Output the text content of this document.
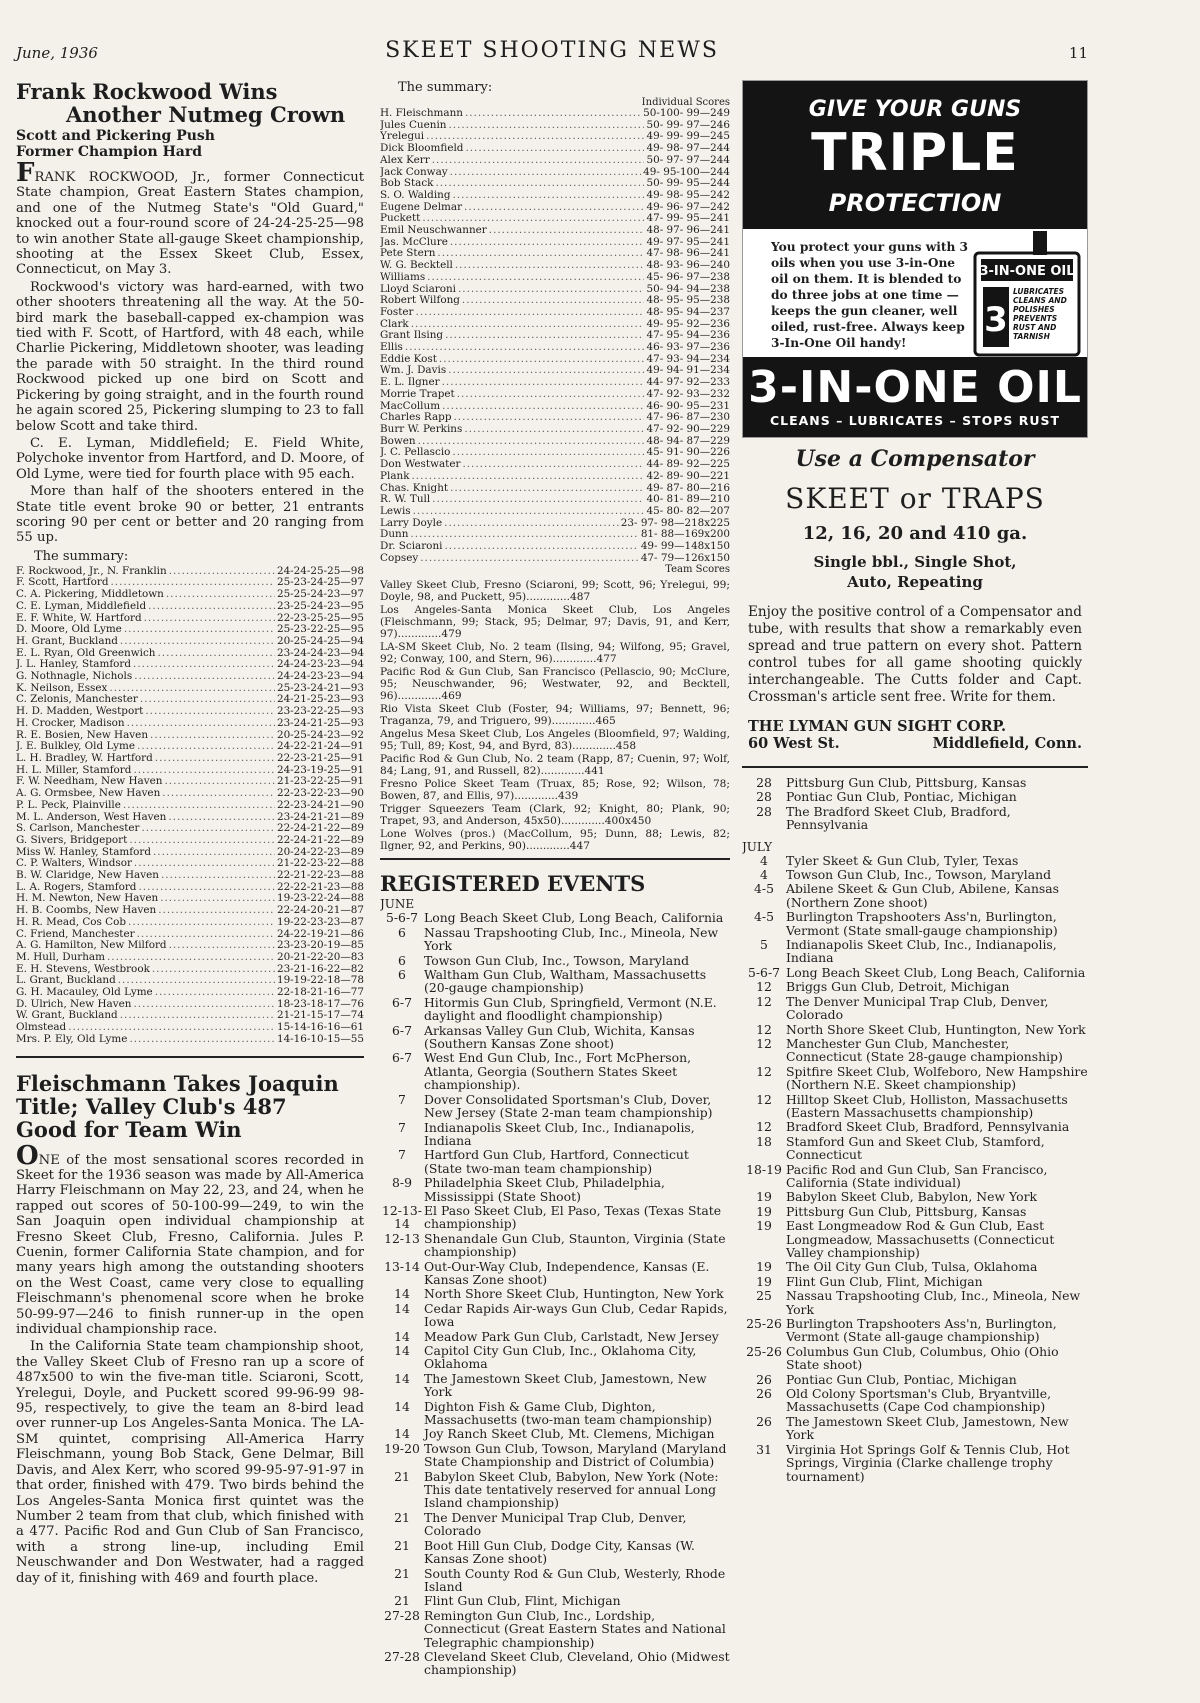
June, 1936	SKEET SHOOTING NEWS	11
Frank Rockwood Wins
Another Nutmeg Crown
Scott and Pickering Push
Former Champion Hard

FRANK ROCKWOOD, Jr., former Connecticut State champion, Great Eastern States champion, and one of the Nutmeg State's "Old Guard," knocked out a four-round score of 24-24-25-25—98 to win another State all-gauge Skeet championship, shooting at the Essex Skeet Club, Essex, Connecticut, on May 3.

Rockwood's victory was hard-earned, with two other shooters threatening all the way. At the 50-bird mark the baseball-capped ex-champion was tied with F. Scott, of Hartford, with 48 each, while Charlie Pickering, Middletown shooter, was leading the parade with 50 straight. In the third round Rockwood picked up one bird on Scott and Pickering by going straight, and in the fourth round he again scored 25, Pickering slumping to 23 to fall below Scott and take third.

C. E. Lyman, Middlefield; E. Field White, Polychoke inventor from Hartford, and D. Moore, of Old Lyme, were tied for fourth place with 95 each.

More than half of the shooters entered in the State title event broke 90 or better, 21 entrants scoring 90 per cent or better and 20 ranging from 55 up.

The summary:
F. Rockwood, Jr., N. Franklin .....	24-24-25-25—98
F. Scott, Hartford .....	25-23-24-25—97
C. A. Pickering, Middletown .....	25-25-24-23—97
C. E. Lyman, Middlefield .....	23-25-24-23—95
E. F. White, W. Hartford .....	22-23-25-25—95
D. Moore, Old Lyme .....	25-23-22-25—95
H. Grant, Buckland .....	20-25-24-25—94
E. L. Ryan, Old Greenwich .....	23-24-24-23—94
J. L. Hanley, Stamford .....	24-24-23-23—94
G. Nothnagle, Nichols .....	24-24-23-23—94
K. Neilson, Essex .....	25-23-24-21—93
C. Zelonis, Manchester .....	24-21-25-23—93
H. D. Madden, Westport .....	23-23-22-25—93
H. Crocker, Madison .....	23-24-21-25—93
R. E. Bosien, New Haven .....	20-25-24-23—92
J. E. Bulkley, Old Lyme .....	24-22-21-24—91
L. H. Bradley, W. Hartford .....	22-23-21-25—91
H. L. Miller, Stamford .....	24-23-19-25—91
F. W. Needham, New Haven .....	21-23-22-25—91
A. G. Ormsbee, New Haven .....	22-23-22-23—90
P. L. Peck, Plainville .....	22-23-24-21—90
M. L. Anderson, West Haven .....	23-24-21-21—89
S. Carlson, Manchester .....	22-24-21-22—89
G. Sivers, Bridgeport .....	22-24-21-22—89
Miss W. Hanley, Stamford .....	20-24-22-23—89
C. P. Walters, Windsor .....	21-22-23-22—88
B. W. Claridge, New Haven .....	22-21-22-23—88
L. A. Rogers, Stamford .....	22-22-21-23—88
H. M. Newton, New Haven .....	19-23-22-24—88
H. B. Coombs, New Haven .....	22-24-20-21—87
H. R. Mead, Cos Cob .....	19-22-23-23—87
C. Friend, Manchester .....	24-22-19-21—86
A. G. Hamilton, New Milford .....	23-23-20-19—85
M. Hull, Durham .....	20-21-22-20—83
E. H. Stevens, Westbrook .....	23-21-16-22—82
L. Grant, Buckland .....	19-19-22-18—78
G. H. Macauley, Old Lyme .....	22-18-21-16—77
D. Ulrich, New Haven .....	18-23-18-17—76
W. Grant, Buckland .....	21-21-15-17—74
Olmstead .....	15-14-16-16—61
Mrs. P. Ely, Old Lyme .....	14-16-10-15—55
Fleischmann Takes Joaquin
Title; Valley Club's 487
Good for Team Win

ONE of the most sensational scores recorded in Skeet for the 1936 season was made by All-America Harry Fleischmann on May 22, 23, and 24, when he rapped out scores of 50-100-99—249, to win the San Joaquin open individual championship at Fresno Skeet Club, Fresno, California. Jules P. Cuenin, former California State champion, and for many years high among the outstanding shooters on the West Coast, came very close to equalling Fleischmann's phenomenal score when he broke 50-99-97—246 to finish runner-up in the open individual championship race.

In the California State team championship shoot, the Valley Skeet Club of Fresno ran up a score of 487x500 to win the five-man title. Sciaroni, Scott, Yrelegui, Doyle, and Puckett scored 99-96-99 98-95, respectively, to give the team an 8-bird lead over runner-up Los Angeles-Santa Monica. The LA-SM quintet, comprising All-America Harry Fleischmann, young Bob Stack, Gene Delmar, Bill Davis, and Alex Kerr, who scored 99-95-97-91-97 in that order, finished with 479. Two birds behind the Los Angeles-Santa Monica first quintet was the Number 2 team from that club, which finished with a 477. Pacific Rod and Gun Club of San Francisco, with a strong line-up, including Emil Neuschwander and Don Westwater, had a ragged day of it, finishing with 469 and fourth place.

The summary:
Individual Scores
H. Fleischmann .....	50-100- 99—249
Jules Cuenin .....	50- 99- 97—246
Yrelegui .....	49- 99- 99—245
Dick Bloomfield .....	49- 98- 97—244
Alex Kerr .....	50- 97- 97—244
Jack Conway .....	49- 95-100—244
Bob Stack .....	50- 99- 95—244
S. O. Walding .....	49- 98- 95—242
Eugene Delmar .....	49- 96- 97—242
Puckett .....	47- 99- 95—241
Emil Neuschwanner .....	48- 97- 96—241
Jas. McClure .....	49- 97- 95—241
Pete Stern .....	47- 98- 96—241
W. G. Becktell .....	48- 93- 96—240
Williams .....	45- 96- 97—238
Lloyd Sciaroni .....	50- 94- 94—238
Robert Wilfong .....	48- 95- 95—238
Foster .....	48- 95- 94—237
Clark .....	49- 95- 92—236
Grant Ilsing .....	47- 95- 94—236
Ellis .....	46- 93- 97—236
Eddie Kost .....	47- 93- 94—234
Wm. J. Davis .....	49- 94- 91—234
E. L. Ilgner .....	44- 97- 92—233
Morrie Trapet .....	47- 92- 93—232
MacCollum .....	46- 90- 95—231
Charles Rapp .....	47- 96- 87—230
Burr W. Perkins .....	47- 92- 90—229
Bowen .....	48- 94- 87—229
J. C. Pellascio .....	45- 91- 90—226
Don Westwater .....	44- 89- 92—225
Plank .....	42- 89- 90—221
Chas. Knight .....	49- 87- 80—216
R. W. Tull .....	40- 81- 89—210
Lewis .....	45- 80- 82—207
Larry Doyle .....	23- 97- 98—218x225
Dunn .....	81- 88—169x200
Dr. Sciaroni .....	49- 99—148x150
Copsey .....	47- 79—126x150
Team Scores
Valley Skeet Club, Fresno (Sciaroni, 99; Scott, 96; Yrelegui, 99; Doyle, 98, and Puckett, 95).............487
Los Angeles-Santa Monica Skeet Club, Los Angeles (Fleischmann, 99; Stack, 95; Delmar, 97; Davis, 91, and Kerr, 97).............479
LA-SM Skeet Club, No. 2 team (Ilsing, 94; Wilfong, 95; Gravel, 92; Conway, 100, and Stern, 96).............477
Pacific Rod & Gun Club, San Francisco (Pellascio, 90; McClure, 95; Neuschwander, 96; Westwater, 92, and Becktell, 96).............469
Rio Vista Skeet Club (Foster, 94; Williams, 97; Bennett, 96; Traganza, 79, and Triguero, 99).............465
Angelus Mesa Skeet Club, Los Angeles (Bloomfield, 97; Walding, 95; Tull, 89; Kost, 94, and Byrd, 83).............458
Pacific Rod & Gun Club, No. 2 team (Rapp, 87; Cuenin, 97; Wolf, 84; Lang, 91, and Russell, 82).............441
Fresno Police Skeet Team (Truax, 85; Rose, 92; Wilson, 78; Bowen, 87, and Ellis, 97).............439
Trigger Squeezers Team (Clark, 92; Knight, 80; Plank, 90; Trapet, 93, and Anderson, 45x50).............400x450
Lone Wolves (pros.) (MacCollum, 95; Dunn, 88; Lewis, 82; Ilgner, 92, and Perkins, 90).............447
REGISTERED EVENTS
JUNE
5-6-7 Long Beach Skeet Club, Long Beach, California
6	Nassau Trapshooting Club, Inc., Mineola, New York
6	Towson Gun Club, Inc., Towson, Maryland
6	Waltham Gun Club, Waltham, Massachusetts (20-gauge championship)
6-7 Hitormis Gun Club, Springfield, Vermont (N.E. daylight and floodlight championship)
6-7 Arkansas Valley Gun Club, Wichita, Kansas (Southern Kansas Zone shoot)
6-7 West End Gun Club, Inc., Fort McPherson, Atlanta, Georgia (Southern States Skeet championship).
7	Dover Consolidated Sportsman's Club, Dover, New Jersey (State 2-man team championship)
7	Indianapolis Skeet Club, Inc., Indianapolis, Indiana
7	Hartford Gun Club, Hartford, Connecticut (State two-man team championship)
8-9 Philadelphia Skeet Club, Philadelphia, Mississippi (State Shoot)
12-13-14
El Paso Skeet Club, El Paso, Texas (Texas State championship)
12-13 Shenandale Gun Club, Staunton, Virginia (State championship)
13-14 Out-Our-Way Club, Independence, Kansas (E. Kansas Zone shoot)
14	North Shore Skeet Club, Huntington, New York
14	Cedar Rapids Air-ways Gun Club, Cedar Rapids, Iowa
14	Meadow Park Gun Club, Carlstadt, New Jersey
14	Capitol City Gun Club, Inc., Oklahoma City, Oklahoma
14	The Jamestown Skeet Club, Jamestown, New York
14	Dighton Fish & Game Club, Dighton, Massachusetts (two-man team championship)
14	Joy Ranch Skeet Club, Mt. Clemens, Michigan
19-20 Towson Gun Club, Towson, Maryland (Maryland State Championship and District of Columbia)
21	Babylon Skeet Club, Babylon, New York (Note: This date tentatively reserved for annual Long Island championship)
21	The Denver Municipal Trap Club, Denver, Colorado
21	Boot Hill Gun Club, Dodge City, Kansas (W. Kansas Zone shoot)
21	South County Rod & Gun Club, Westerly, Rhode Island
21	Flint Gun Club, Flint, Michigan
27-28 Remington Gun Club, Inc., Lordship, Connecticut (Great Eastern States and National Telegraphic championship)
27-28 Cleveland Skeet Club, Cleveland, Ohio (Midwest championship)
GIVE YOUR GUNS
TRIPLE
PROTECTION
You protect your guns with 3 oils when you use 3-in-One oil on them. It is blended to do three jobs at one time — keeps the gun cleaner, well oiled, rust-free. Always keep 3-In-One Oil handy!
3-IN-ONE OIL
3
LUBRICATES CLEANS AND POLISHES PREVENTS RUST AND TARNISH
3-IN-ONE OIL
CLEANS – LUBRICATES – STOPS RUST
Use a Compensator
SKEET or TRAPS
12, 16, 20 and 410 ga.
Single bbl., Single Shot,
Auto, Repeating
Enjoy the positive control of a Compensator and tube, with results that show a remarkably even spread and true pattern on every shot. Pattern control tubes for all game shooting quickly interchangeable. The Cutts folder and Capt. Crossman's article sent free. Write for them.
THE LYMAN GUN SIGHT CORP.
60 West St.	Middlefield, Conn.
28	Pittsburg Gun Club, Pittsburg, Kansas
28	Pontiac Gun Club, Pontiac, Michigan
28	The Bradford Skeet Club, Bradford, Pennsylvania
JULY
4	Tyler Skeet & Gun Club, Tyler, Texas
4	Towson Gun Club, Inc., Towson, Maryland
4-5 Abilene Skeet & Gun Club, Abilene, Kansas (Northern Zone shoot)
4-5 Burlington Trapshooters Ass'n, Burlington, Vermont (State small-gauge championship)
5	Indianapolis Skeet Club, Inc., Indianapolis, Indiana
5-6-7 Long Beach Skeet Club, Long Beach, California
12	Briggs Gun Club, Detroit, Michigan
12	The Denver Municipal Trap Club, Denver, Colorado
12	North Shore Skeet Club, Huntington, New York
12	Manchester Gun Club, Manchester, Connecticut (State 28-gauge championship)
12	Spitfire Skeet Club, Wolfeboro, New Hampshire (Northern N.E. Skeet championship)
12	Hilltop Skeet Club, Holliston, Massachusetts (Eastern Massachusetts championship)
12	Bradford Skeet Club, Bradford, Pennsylvania
18	Stamford Gun and Skeet Club, Stamford, Connecticut
18-19 Pacific Rod and Gun Club, San Francisco, California (State individual)
19	Babylon Skeet Club, Babylon, New York
19	Pittsburg Gun Club, Pittsburg, Kansas
19	East Longmeadow Rod & Gun Club, East Longmeadow, Massachusetts (Connecticut Valley championship)
19	The Oil City Gun Club, Tulsa, Oklahoma
19	Flint Gun Club, Flint, Michigan
25	Nassau Trapshooting Club, Inc., Mineola, New York
25-26 Burlington Trapshooters Ass'n, Burlington, Vermont (State all-gauge championship)
25-26 Columbus Gun Club, Columbus, Ohio (Ohio State shoot)
26	Pontiac Gun Club, Pontiac, Michigan
26	Old Colony Sportsman's Club, Bryantville, Massachusetts (Cape Cod championship)
26	The Jamestown Skeet Club, Jamestown, New York
31	Virginia Hot Springs Golf & Tennis Club, Hot Springs, Virginia (Clarke challenge trophy tournament)
